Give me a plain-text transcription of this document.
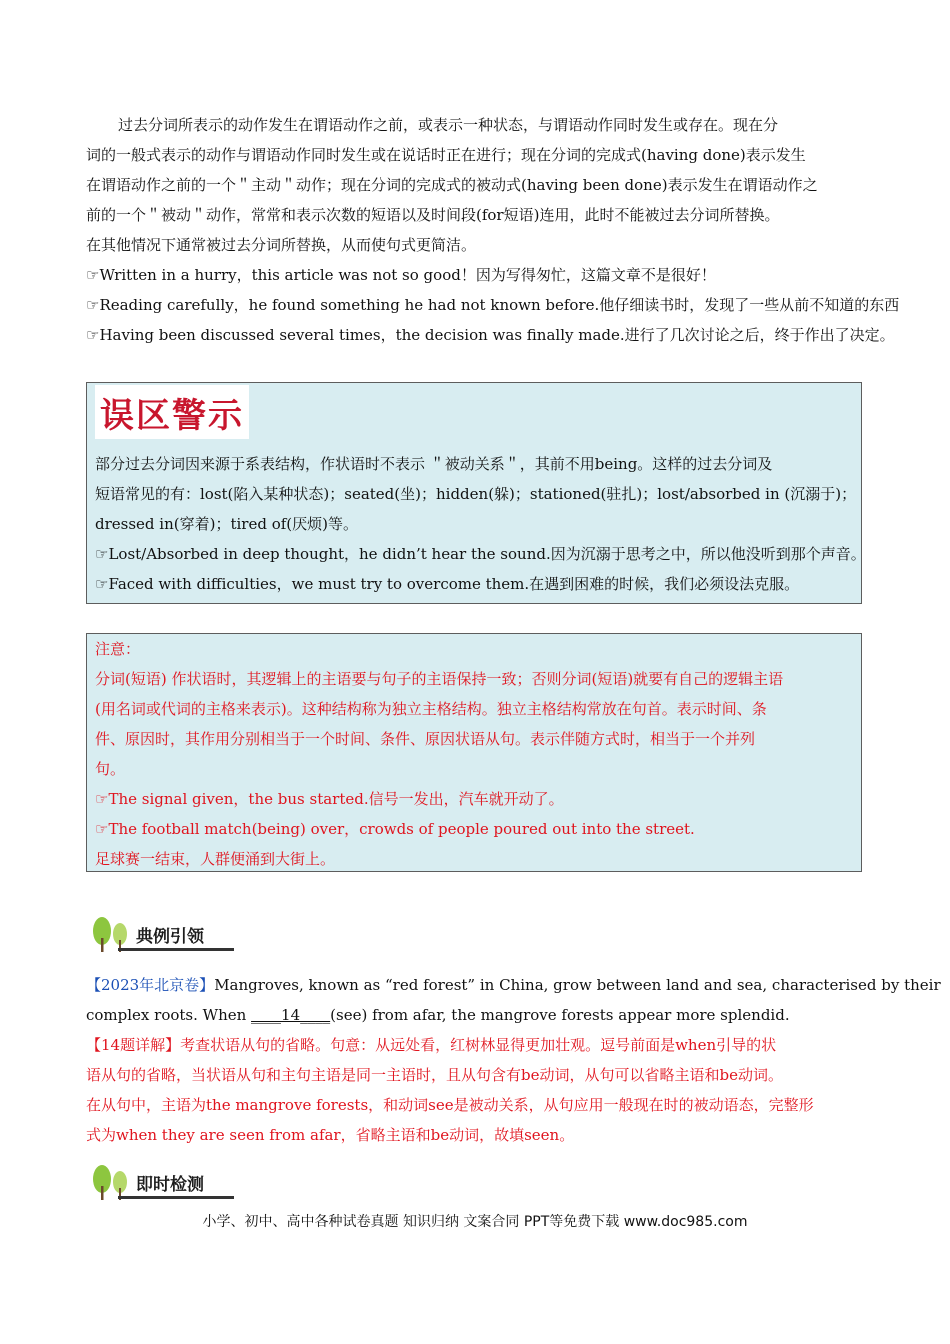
过去分词所表示的动作发生在谓语动作之前，或表示一种状态，与谓语动作同时发生或存在。现在分
词的一般式表示的动作与谓语动作同时发生或在说话时正在进行；现在分词的完成式(having done)表示发生
在谓语动作之前的一个＂主动＂动作；现在分词的完成式的被动式(having been done)表示发生在谓语动作之
前的一个＂被动＂动作，常常和表示次数的短语以及时间段(for短语)连用，此时不能被过去分词所替换。
在其他情况下通常被过去分词所替换，从而使句式更简洁。
☞Written in a hurry，this article was not so good！因为写得匆忙，这篇文章不是很好！
☞Reading carefully，he found something he had not known before.他仔细读书时，发现了一些从前不知道的东西
☞Having been discussed several times，the decision was finally made.进行了几次讨论之后，终于作出了决定。
误区警示
部分过去分词因来源于系表结构，作状语时不表示 ＂被动关系＂，其前不用being。这样的过去分词及
短语常见的有：lost(陷入某种状态)；seated(坐)；hidden(躲)；stationed(驻扎)；lost/absorbed in (沉溺于)；
dressed in(穿着)；tired of(厌烦)等。
☞Lost/Absorbed in deep thought，he didn’t hear the sound.因为沉溺于思考之中，所以他没听到那个声音。
☞Faced with difficulties，we must try to overcome them.在遇到困难的时候，我们必须设法克服。
注意：
分词(短语) 作状语时，其逻辑上的主语要与句子的主语保持一致；否则分词(短语)就要有自己的逻辑主语
(用名词或代词的主格来表示)。这种结构称为独立主格结构。独立主格结构常放在句首。表示时间、条
件、原因时，其作用分别相当于一个时间、条件、原因状语从句。表示伴随方式时，相当于一个并列
句。
☞The signal given，the bus started.信号一发出，汽车就开动了。
☞The football match(being) over，crowds of people poured out into the street.
足球赛一结束，人群便涌到大街上。
典例引领
【2023年北京卷】Mangroves, known as “red forest” in China, grow between land and sea, characterised by their
complex roots. When ____14____(see) from afar, the mangrove forests appear more splendid.
【14题详解】考查状语从句的省略。句意：从远处看，红树林显得更加壮观。逗号前面是when引导的状
语从句的省略，当状语从句和主句主语是同一主语时，且从句含有be动词，从句可以省略主语和be动词。
在从句中，主语为the mangrove forests，和动词see是被动关系，从句应用一般现在时的被动语态，完整形
式为when they are seen from afar，省略主语和be动词，故填seen。
即时检测
小学、初中、高中各种试卷真题 知识归纳 文案合同 PPT等免费下载 www.doc985.com
